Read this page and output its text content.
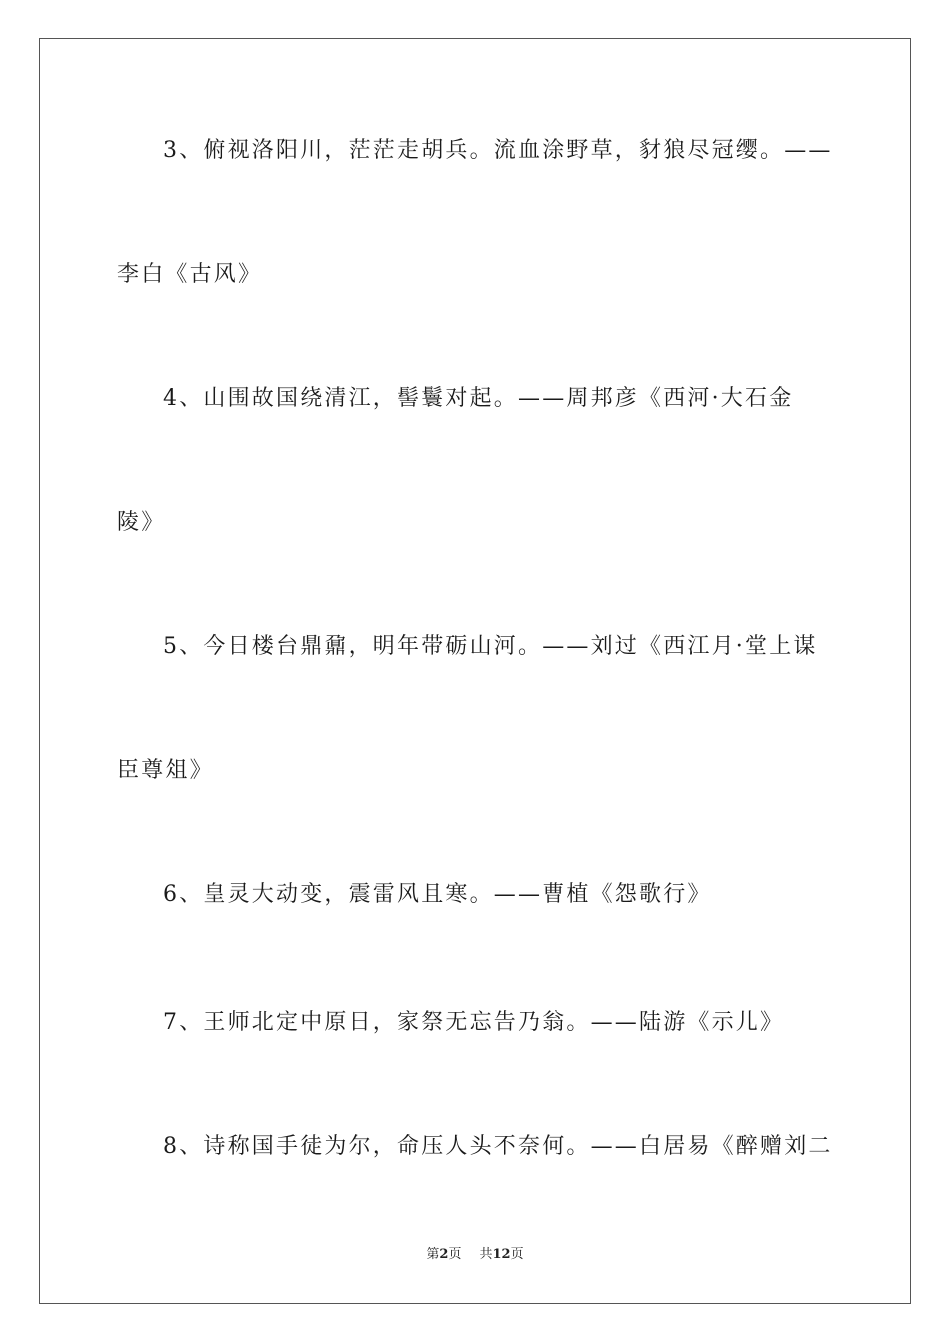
3、俯视洛阳川，茫茫走胡兵。流血涂野草，豺狼尽冠缨。——
李白《古风》
4、山围故国绕清江，髻鬟对起。——周邦彦《西河·大石金
陵》
5、今日楼台鼎鼐，明年带砺山河。——刘过《西江月·堂上谋
臣尊俎》
6、皇灵大动变，震雷风且寒。——曹植《怨歌行》
7、王师北定中原日，家祭无忘告乃翁。——陆游《示儿》
8、诗称国手徒为尔，命压人头不奈何。——白居易《醉赠刘二
第2页 共12页
